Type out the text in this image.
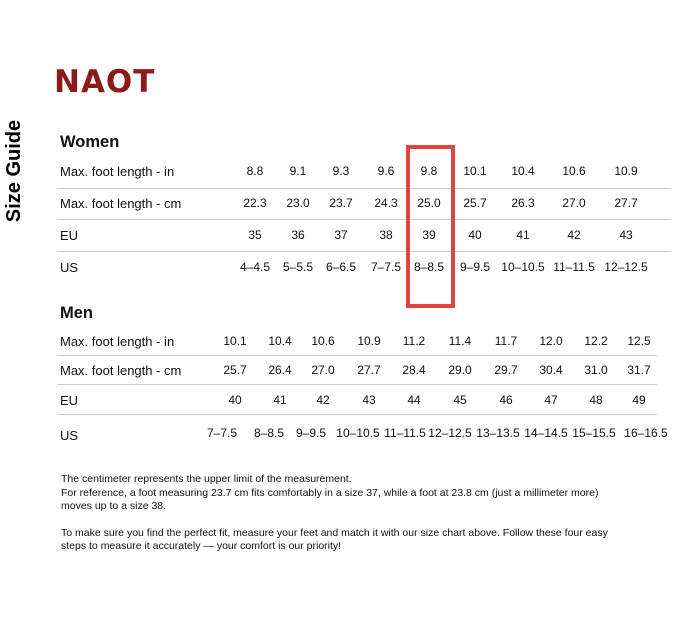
NAOT
Size Guide Women
Max. foot length - in	8.8 9.1 9.3 9.6 9.8 10.1 10.4 10.6 10.9
Max. foot length - cm	22.3 23.0 23.7 24.3 25.0 25.7 26.3 27.0 27.7
EU	35 36 37	38 39	40	41	42	43
US	4–4.5 5–5.5 6–6.5 7–7.5 8–8.5 9–9.5 10–10.5 11–11.5 12–12.5
Men
Max. foot length - in	10.1 10.4 10.6 10.9 11.2 11.4 11.7 12.0 12.2 12.5
Max. foot length - cm	25.7 26.4 27.0 27.7 28.4 29.0 29.7 30.4 31.0 31.7
EU	40	41 42	43	44	45	46	47	48 49
US	7–7.5 8–8.5 9–9.5 10–10.5 11–11.5 12–12.5 13–13.5 14–14.5 15–15.5 16–16.5

The centimeter represents the upper limit of the measurement.
For reference, a foot measuring 23.7 cm fits comfortably in a size 37, while a foot at 23.8 cm (just a millimeter more) moves up to a size 38.

To make sure you find the perfect fit, measure your feet and match it with our size chart above. Follow these four easy steps to measure it accurately — your comfort is our priority!
